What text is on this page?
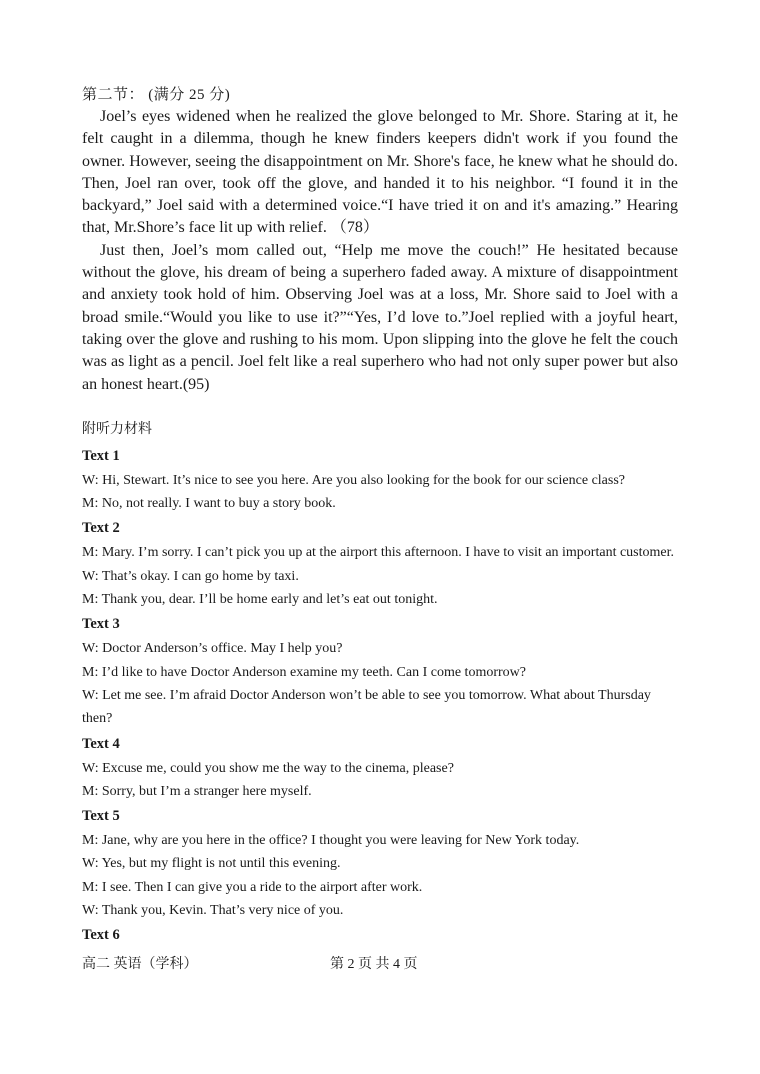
第二节： (满分 25 分)

Joel’s eyes widened when he realized the glove belonged to Mr. Shore. Staring at it, he felt caught in a dilemma, though he knew finders keepers didn't work if you found the owner. However, seeing the disappointment on Mr. Shore's face, he knew what he should do. Then, Joel ran over, took off the glove, and handed it to his neighbor. “I found it in the backyard,” Joel said with a determined voice.“I have tried it on and it's amazing.” Hearing that, Mr.Shore’s face lit up with relief. （78）

Just then, Joel’s mom called out, “Help me move the couch!” He hesitated because without the glove, his dream of being a superhero faded away. A mixture of disappointment and anxiety took hold of him. Observing Joel was at a loss, Mr. Shore said to Joel with a broad smile.“Would you like to use it?”“Yes, I’d love to.”Joel replied with a joyful heart, taking over the glove and rushing to his mom. Upon slipping into the glove he felt the couch was as light as a pencil. Joel felt like a real superhero who had not only super power but also an honest heart.(95)

附听力材料

Text 1

W: Hi, Stewart. It’s nice to see you here. Are you also looking for the book for our science class?

M: No, not really. I want to buy a story book.

Text 2

M: Mary. I’m sorry. I can’t pick you up at the airport this afternoon. I have to visit an important customer.

W: That’s okay. I can go home by taxi.

M: Thank you, dear. I’ll be home early and let’s eat out tonight.

Text 3

W: Doctor Anderson’s office. May I help you?

M: I’d like to have Doctor Anderson examine my teeth. Can I come tomorrow?

W: Let me see. I’m afraid Doctor Anderson won’t be able to see you tomorrow. What about Thursday then?

Text 4

W: Excuse me, could you show me the way to the cinema, please?

M: Sorry, but I’m a stranger here myself.

Text 5

M: Jane, why are you here in the office? I thought you were leaving for New York today.

W: Yes, but my flight is not until this evening.

M: I see. Then I can give you a ride to the airport after work.

W: Thank you, Kevin. That’s very nice of you.

Text 6
高二 英语（学科）	第 2 页 共 4 页
